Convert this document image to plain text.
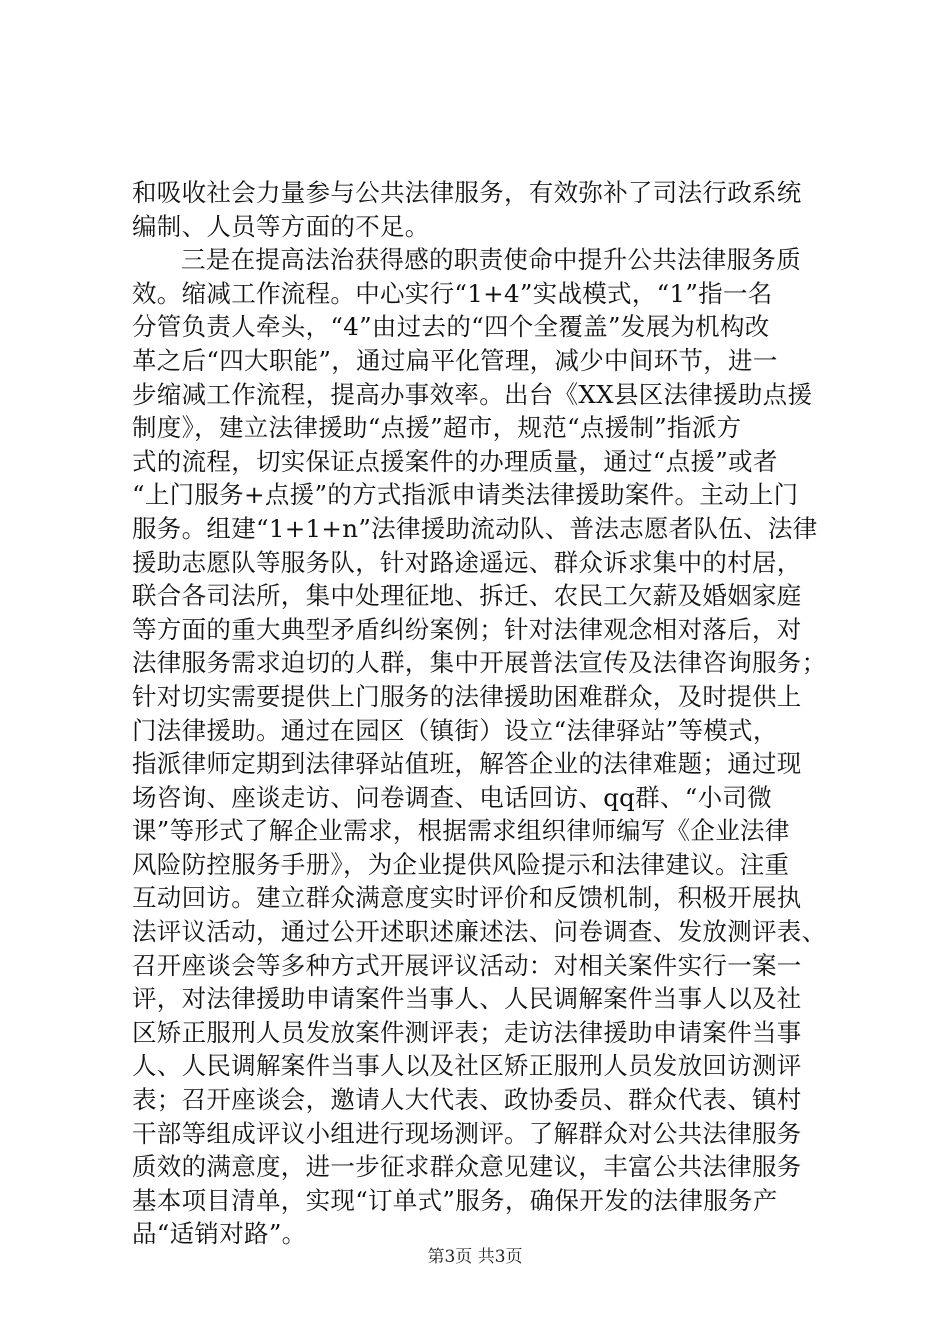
和吸收社会力量参与公共法律服务，有效弥补了司法行政系统
编制、人员等方面的不足。
三是在提高法治获得感的职责使命中提升公共法律服务质
效。缩减工作流程。中心实行“1+4”实战模式，“1”指一名
分管负责人牵头，“4”由过去的“四个全覆盖”发展为机构改
革之后“四大职能”，通过扁平化管理，减少中间环节，进一
步缩减工作流程，提高办事效率。出台《XX县区法律援助点援
制度》，建立法律援助“点援”超市，规范“点援制”指派方
式的流程，切实保证点援案件的办理质量，通过“点援”或者
“上门服务+点援”的方式指派申请类法律援助案件。主动上门
服务。组建“1+1+n”法律援助流动队、普法志愿者队伍、法律
援助志愿队等服务队，针对路途遥远、群众诉求集中的村居，
联合各司法所，集中处理征地、拆迁、农民工欠薪及婚姻家庭
等方面的重大典型矛盾纠纷案例；针对法律观念相对落后，对
法律服务需求迫切的人群，集中开展普法宣传及法律咨询服务；
针对切实需要提供上门服务的法律援助困难群众，及时提供上
门法律援助。通过在园区（镇街）设立“法律驿站”等模式，
指派律师定期到法律驿站值班，解答企业的法律难题；通过现
场咨询、座谈走访、问卷调查、电话回访、qq群、“小司微
课”等形式了解企业需求，根据需求组织律师编写《企业法律
风险防控服务手册》，为企业提供风险提示和法律建议。注重
互动回访。建立群众满意度实时评价和反馈机制，积极开展执
法评议活动，通过公开述职述廉述法、问卷调查、发放测评表、
召开座谈会等多种方式开展评议活动：对相关案件实行一案一
评，对法律援助申请案件当事人、人民调解案件当事人以及社
区矫正服刑人员发放案件测评表；走访法律援助申请案件当事
人、人民调解案件当事人以及社区矫正服刑人员发放回访测评
表；召开座谈会，邀请人大代表、政协委员、群众代表、镇村
干部等组成评议小组进行现场测评。了解群众对公共法律服务
质效的满意度，进一步征求群众意见建议，丰富公共法律服务
基本项目清单，实现“订单式”服务，确保开发的法律服务产
品“适销对路”。
第3页 共3页
